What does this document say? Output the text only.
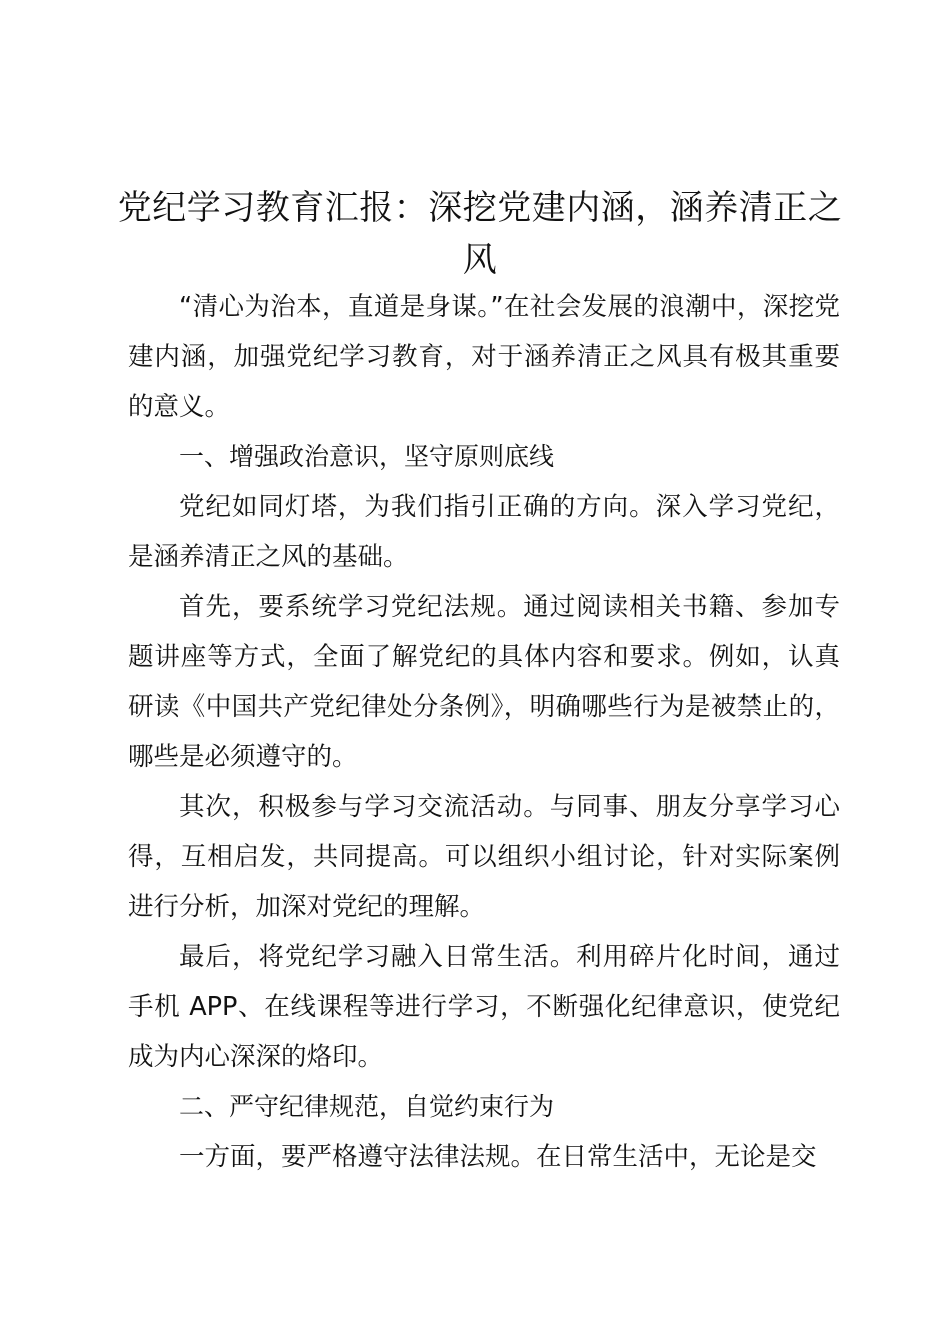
党纪学习教育汇报：深挖党建内涵，涵养清正之风

“清心为治本，直道是身谋。”在社会发展的浪潮中，深挖党建内涵，加强党纪学习教育，对于涵养清正之风具有极其重要的意义。

一、增强政治意识，坚守原则底线

党纪如同灯塔，为我们指引正确的方向。深入学习党纪，是涵养清正之风的基础。

首先，要系统学习党纪法规。通过阅读相关书籍、参加专题讲座等方式，全面了解党纪的具体内容和要求。例如，认真研读《中国共产党纪律处分条例》，明确哪些行为是被禁止的，哪些是必须遵守的。

其次，积极参与学习交流活动。与同事、朋友分享学习心得，互相启发，共同提高。可以组织小组讨论，针对实际案例进行分析，加深对党纪的理解。

最后，将党纪学习融入日常生活。利用碎片化时间，通过手机 APP、在线课程等进行学习，不断强化纪律意识，使党纪成为内心深深的烙印。

二、严守纪律规范，自觉约束行为

一方面，要严格遵守法律法规。在日常生活中，无论是交
